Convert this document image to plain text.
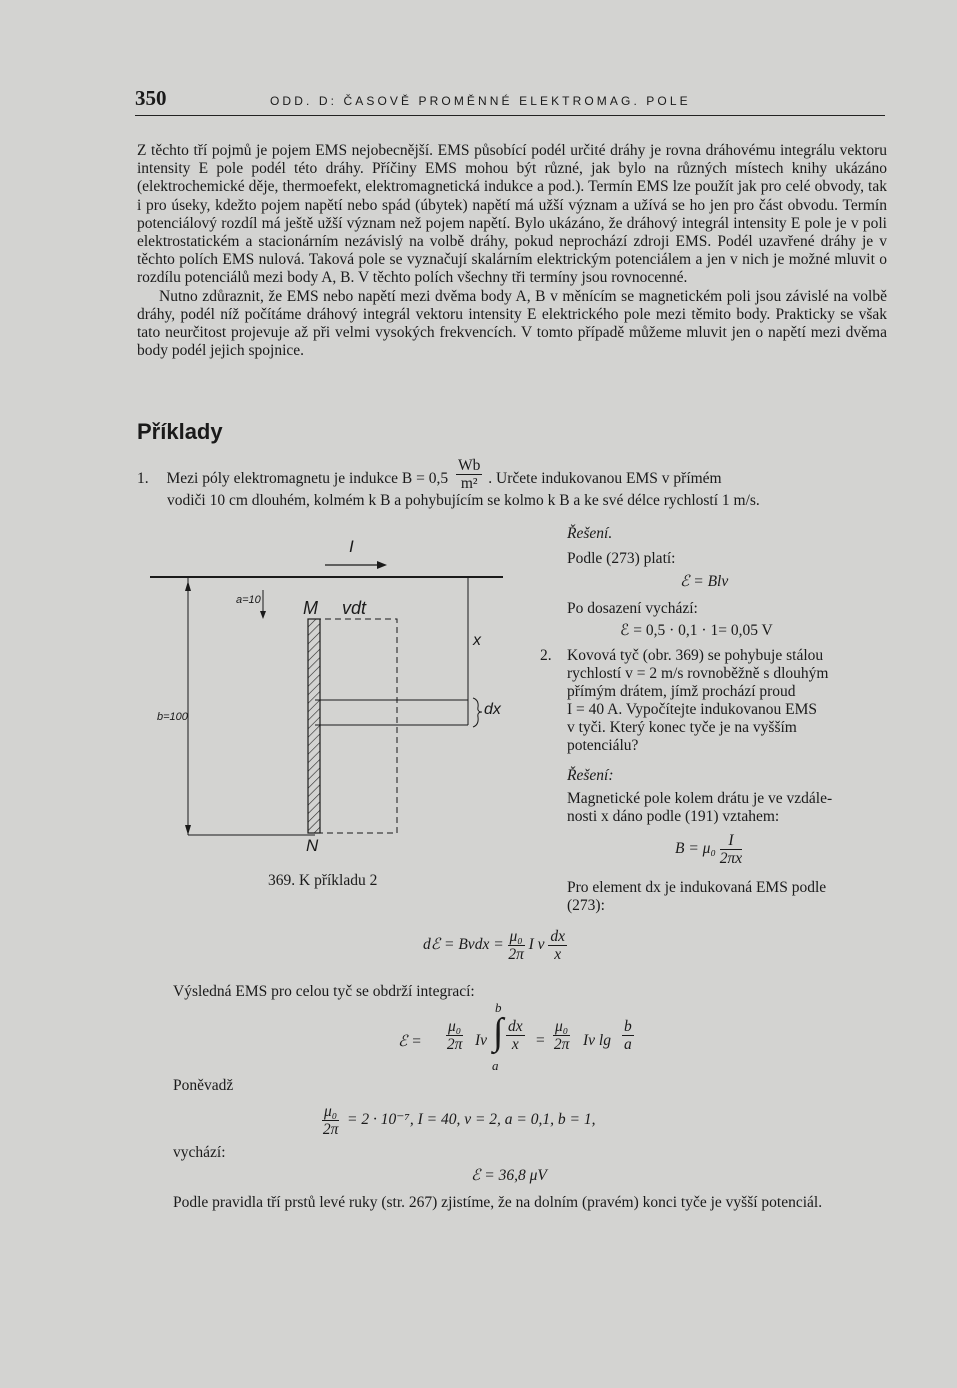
350	ODD. D: ČASOVĚ PROMĚNNÉ ELEKTROMAG. POLE

Z těchto tří pojmů je pojem EMS nejobecnější. EMS působící podél určité dráhy je rovna dráhovému integrálu vektoru intensity E pole podél této dráhy. Příčiny EMS mohou být různé, jak bylo na různých místech knihy ukázáno (elektrochemické děje, thermoefekt, elektromagnetická indukce a pod.). Termín EMS lze použít jak pro celé obvody, tak i pro úseky, kdežto pojem napětí nebo spád (úbytek) napětí má užší význam a užívá se ho jen pro část obvodu. Termín potenciálový rozdíl má ještě užší význam než pojem napětí. Bylo ukázáno, že dráhový integrál intensity E pole je v poli elektrostatickém a stacionárním nezávislý na volbě dráhy, pokud neprochází zdroji EMS. Podél uzavřené dráhy je v těchto polích EMS nulová. Taková pole se vyznačují skalárním elektrickým potenciálem a jen v nich je možné mluvit o rozdílu potenciálů mezi body A, B. V těchto polích všechny tři termíny jsou rovnocenné.

Nutno zdůraznit, že EMS nebo napětí mezi dvěma body A, B v měnícím se magnetickém poli jsou závislé na volbě dráhy, podél níž počítáme dráhový integrál vektoru intensity E elektrického pole mezi těmito body. Prakticky se však tato neurčitost projevuje až při velmi vysokých frekvencích. V tomto případě můžeme mluvit jen o napětí mezi dvěma body podél jejich spojnice.

Příklady
1. Mezi póly elektromagnetu je indukce $B = 0,5 \frac{Wb}{\text{m²}}$ . Určete indukovanou EMS v přímém
vodiči 10 cm dlouhém, kolmém k B a pohybujícím se kolmo k B a ke své délce rychlostí 1 m/s.
Řešení.
Podle (273) platí:
ℰ = Blv
Po dosazení vychází:
ℰ = 0,5 · 0,1 · 1= 0,05 V
2. Kovová tyč (obr. 369) se pohybuje stálou
rychlostí v = 2 m/s rovnoběžně s dlouhým
přímým drátem, jímž prochází proud
I = 40 A. Vypočítejte indukovanou EMS
v tyči. Který konec tyče je na vyšším
potenciálu?
Řešení:
Magnetické pole kolem drátu je ve vzdále-
nosti x dáno podle (191) vztahem:
$B = \mu_0 \frac{I}{2\pi x}$
Pro element dx je indukovaná EMS podle
(273):
dℰ = Bvdx = $\frac{\text{μ₀}}{2\pi}$ I v $\frac{dx}{x}$
Výsledná EMS pro celou tyč se obdrží integrací:
ℰ = $\frac{\text{μ₀}}{2\pi}$ Iv
b
∫
a
$\frac{dx}{x} = \frac{\text{μ₀}}{2\pi}$ Iv $\lg \frac{b}{a}$
Poněvadž
$\frac{\text{μ₀}}{2\pi} = 2 \cdot 10^{-7}$, I = 40, v = 2, a = 0,1, b = 1,
vychází:
ℰ = 36,8 μV
Podle pravidla tří prstů levé ruky (str. 267) zjistíme, že na dolním (pravém) konci tyče je vyšší potenciál.
I
a=10 M vdt
x
dx
b=100
N
369. K příkladu 2
